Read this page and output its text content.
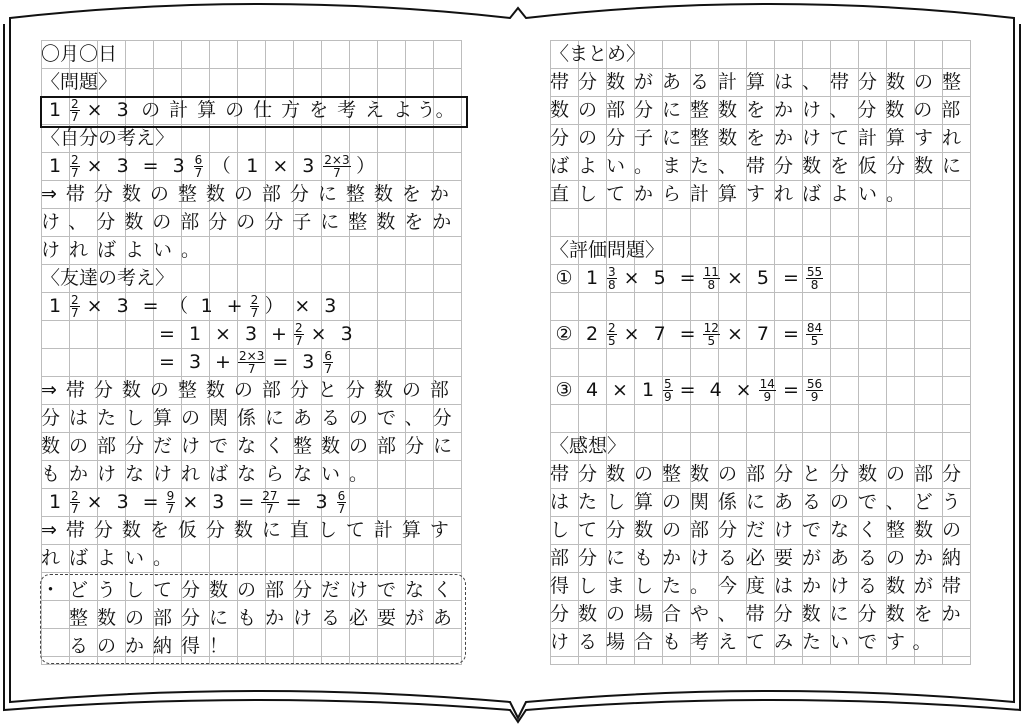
〇月〇日
〈問題〉
$1 \frac{2}{7} \times 3$ の 計 算 の 仕 方 を 考 え よ う。
〈自分の考え〉
$1 \frac{2}{7} \times 3 = 3 \frac{6}{7}$ （ $1 \times 3 \frac{2\times 3}{7}$ ）
⇒帯分数の整数の部分に整数をか
け、分数の部分の分子に整数をか
ければよい。
〈友達の考え〉
$1 \frac{2}{7} \times 3$ = （ $1 + \frac{2}{7}$ ） × 3
= $1 \times 3 + \frac{2}{7} \times 3$
= $3 + \frac{2\times 3}{7} = 3 \frac{6}{7}$
⇒帯分数の整数の部分と分数の部
分はたし算の関係にあるので、分
数の部分だけでなく整数の部分に
もかけなければならない。
$1 \frac{2}{7} \times 3 = \frac{9}{7} \times 3 = \frac{27}{7} = 3 \frac{6}{7}$
⇒帯分数を仮分数に直して計算す
ればよい。
・どうして分数の部分だけでなく
整数の部分にもかける必要があ
るのか納得！
〈まとめ〉
帯分数がある計算は、帯分数の整
数の部分に整数をかけ、分数の部
分の分子に整数をかけて計算すれ
ばよい。また、帯分数を仮分数に
直してから計算すればよい。
〈評価問題〉
① $1 \frac{3}{8} \times 5 = \frac{11}{8} \times 5 = \frac{55}{8}$
② $2 \frac{2}{5} \times 7 = \frac{12}{5} \times 7 = \frac{84}{5}$
③ $4 \times 1 \frac{5}{9} = 4 \times \frac{14}{9} = \frac{56}{9}$
〈感想〉
帯分数の整数の部分と分数の部分
はたし算の関係にあるので、どう
して分数の部分だけでなく整数の
部分にもかける必要があるのか納
得しました。今度はかける数が帯
分数の場合や、帯分数に分数をか
ける場合も考えてみたいです。
